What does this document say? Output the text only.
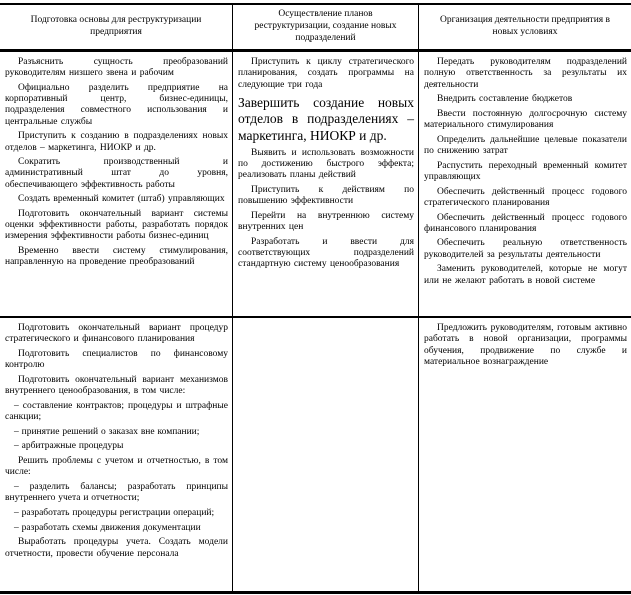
Подготовка основы для реструктуризации предприятия
Осуществление планов реструктуризации, создание новых подразделений
Организация деятельности предприятия в новых условиях

Разъяснить сущность преобразований руководителям низшего звена и рабочим

Официально разделить предприятие на корпоративный центр, бизнес-единицы, подразделения совместного использования и центральные службы

Приступить к созданию в подразделениях новых отделов – маркетинга, НИОКР и др.

Сократить производственный и административный штат до уровня, обеспечивающего эффективность работы

Создать временный комитет (штаб) управляющих

Подготовить окончательный вариант системы оценки эффективности работы, разработать порядок измерения эффективности работы бизнес-единиц

Временно ввести систему стимулирования, направленную на проведение преобразований

Приступить к циклу стратегического планирования, создать программы на следующие три года

Завершить создание новых отделов в подразделениях – маркетинга, НИОКР и др.

Выявить и использовать возможности по достижению быстрого эффекта; реализовать планы действий

Приступить к действиям по повышению эффективности

Перейти на внутреннюю систему внутренних цен

Разработать и ввести для соответствующих подразделений стандартную систему ценообразования

Передать руководителям подразделений полную ответственность за результаты их деятельности

Внедрить составление бюджетов

Ввести постоянную долгосрочную систему материального стимулирования

Определить дальнейшие целевые показатели по снижению затрат

Распустить переходный временный комитет управляющих

Обеспечить действенный процесс годового стратегического планирования

Обеспечить действенный процесс годового финансового планирования

Обеспечить реальную ответственность руководителей за результаты деятельности

Заменить руководителей, которые не могут или не желают работать в новой системе

Подготовить окончательный вариант процедур стратегического и финансового планирования

Подготовить специалистов по финансовому контролю

Подготовить окончательный вариант механизмов внутреннего ценообразования, в том числе:

– составление контрактов; процедуры и штрафные санкции;

– принятие решений о заказах вне компании;

– арбитражные процедуры

Решить проблемы с учетом и отчетностью, в том числе:

– разделить балансы; разработать принципы внутреннего учета и отчетности;

– разработать процедуры регистрации операций;

– разработать схемы движения документации

Выработать процедуры учета. Создать модели отчетности, провести обучение персонала

Предложить руководителям, готовым активно работать в новой организации, программы обучения, продвижение по службе и материальное вознаграждение
